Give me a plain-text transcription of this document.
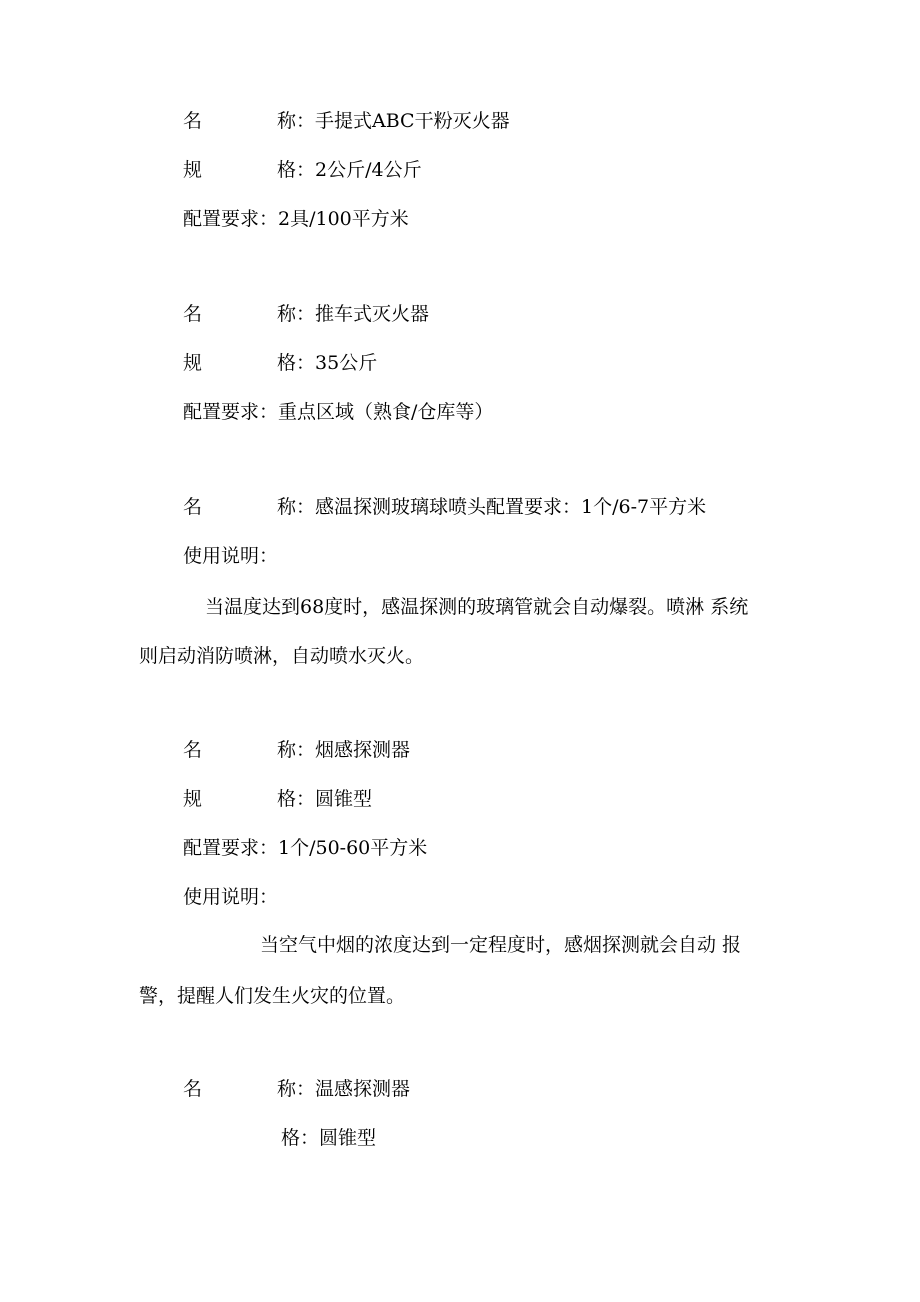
名	称：手提式ABC干粉灭火器
规	格：2公斤/4公斤
配置要求：2具/100平方米
名	称：推车式灭火器
规	格：35公斤
配置要求：重点区域（熟食/仓库等）
名	称：感温探测玻璃球喷头配置要求：1个/6-7平方米
使用说明：
当温度达到68度时，感温探测的玻璃管就会自动爆裂。喷淋 系统
则启动消防喷淋，自动喷水灭火。
名	称：烟感探测器
规	格：圆锥型
配置要求：1个/50-60平方米
使用说明：
当空气中烟的浓度达到一定程度时，感烟探测就会自动 报
警，提醒人们发生火灾的位置。
名	称：温感探测器
格：圆锥型
